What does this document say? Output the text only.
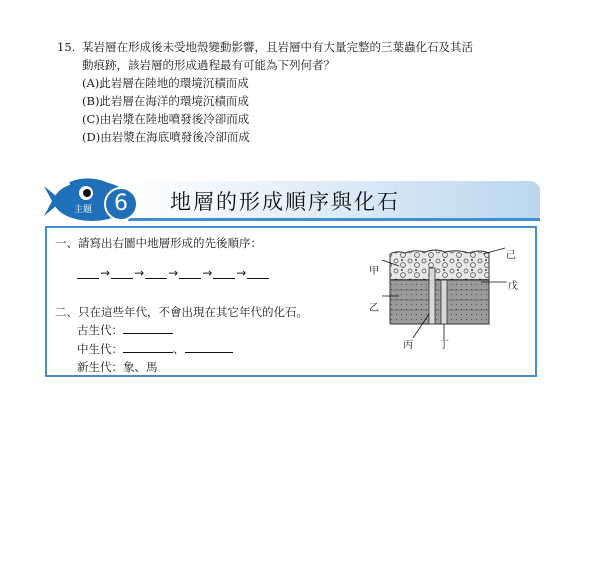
15. 某岩層在形成後未受地殼變動影響，且岩層中有大量完整的三葉蟲化石及其活
動痕跡，該岩層的形成過程最有可能為下列何者？
(A)此岩層在陸地的環境沉積而成
(B)此岩層在海洋的環境沉積而成
(C)由岩漿在陸地噴發後冷卻而成
(D)由岩漿在海底噴發後冷卻而成
主題 6	地層的形成順序與化石
一、請寫出右圖中地層形成的先後順序：
→ → → → →
二、只在這些年代，不會出現在其它年代的化石。
古生代：
中生代：	、
新生代：象、馬
甲
乙
己
戊
丙	丁
